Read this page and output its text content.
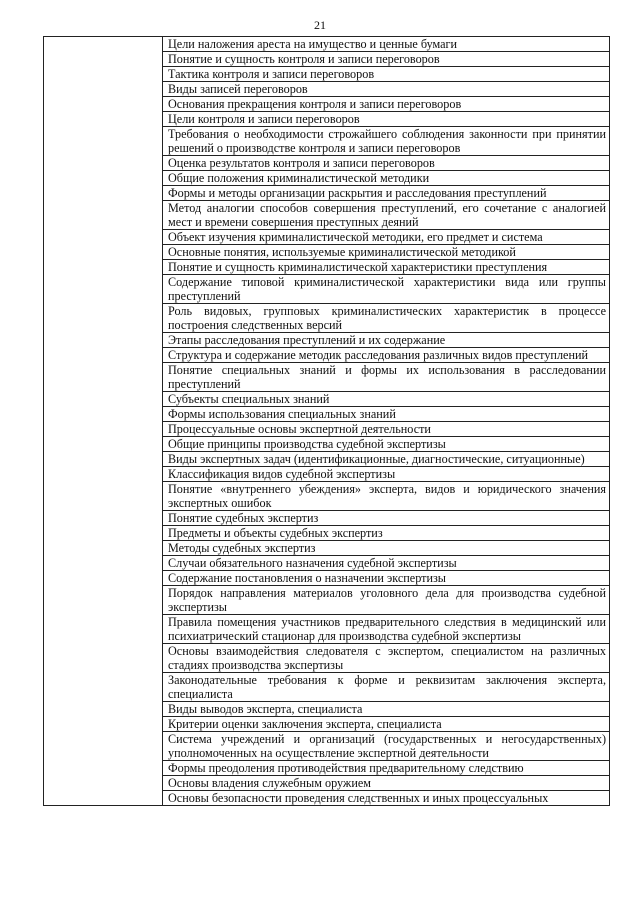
21
	Цели наложения ареста на имущество и ценные бумаги
Понятие и сущность контроля и записи переговоров
Тактика контроля и записи переговоров
Виды записей переговоров
Основания прекращения контроля и записи переговоров
Цели контроля и записи переговоров
Требования о необходимости строжайшего соблюдения законности при принятии решений о производстве контроля и записи переговоров
Оценка результатов контроля и записи переговоров
Общие положения криминалистической методики
Формы и методы организации раскрытия и расследования преступлений
Метод аналогии способов совершения преступлений, его сочетание с аналогией мест и времени совершения преступных деяний
Объект изучения криминалистической методики, его предмет и система
Основные понятия, используемые криминалистической методикой
Понятие и сущность криминалистической характеристики преступления
Содержание типовой криминалистической характеристики вида или группы преступлений
Роль видовых, групповых криминалистических характеристик в процессе построения следственных версий
Этапы расследования преступлений и их содержание
Структура и содержание методик расследования различных видов преступлений
Понятие специальных знаний и формы их использования в расследовании преступлений
Субъекты специальных знаний
Формы использования специальных знаний
Процессуальные основы экспертной деятельности
Общие принципы производства судебной экспертизы
Виды экспертных задач (идентификационные, диагностические, ситуационные)
Классификация видов судебной экспертизы
Понятие «внутреннего убеждения» эксперта, видов и юридического значения экспертных ошибок
Понятие судебных экспертиз
Предметы и объекты судебных экспертиз
Методы судебных экспертиз
Случаи обязательного назначения судебной экспертизы
Содержание постановления о назначении экспертизы
Порядок направления материалов уголовного дела для производства судебной экспертизы
Правила помещения участников предварительного следствия в медицинский или психиатрический стационар для производства судебной экспертизы
Основы взаимодействия следователя с экспертом, специалистом на различных стадиях производства экспертизы
Законодательные требования к форме и реквизитам заключения эксперта, специалиста
Виды выводов эксперта, специалиста
Критерии оценки заключения эксперта, специалиста
Система учреждений и организаций (государственных и негосударственных) уполномоченных на осуществление экспертной деятельности
Формы преодоления противодействия предварительному следствию
Основы владения служебным оружием
Основы безопасности проведения следственных и иных процессуальных
